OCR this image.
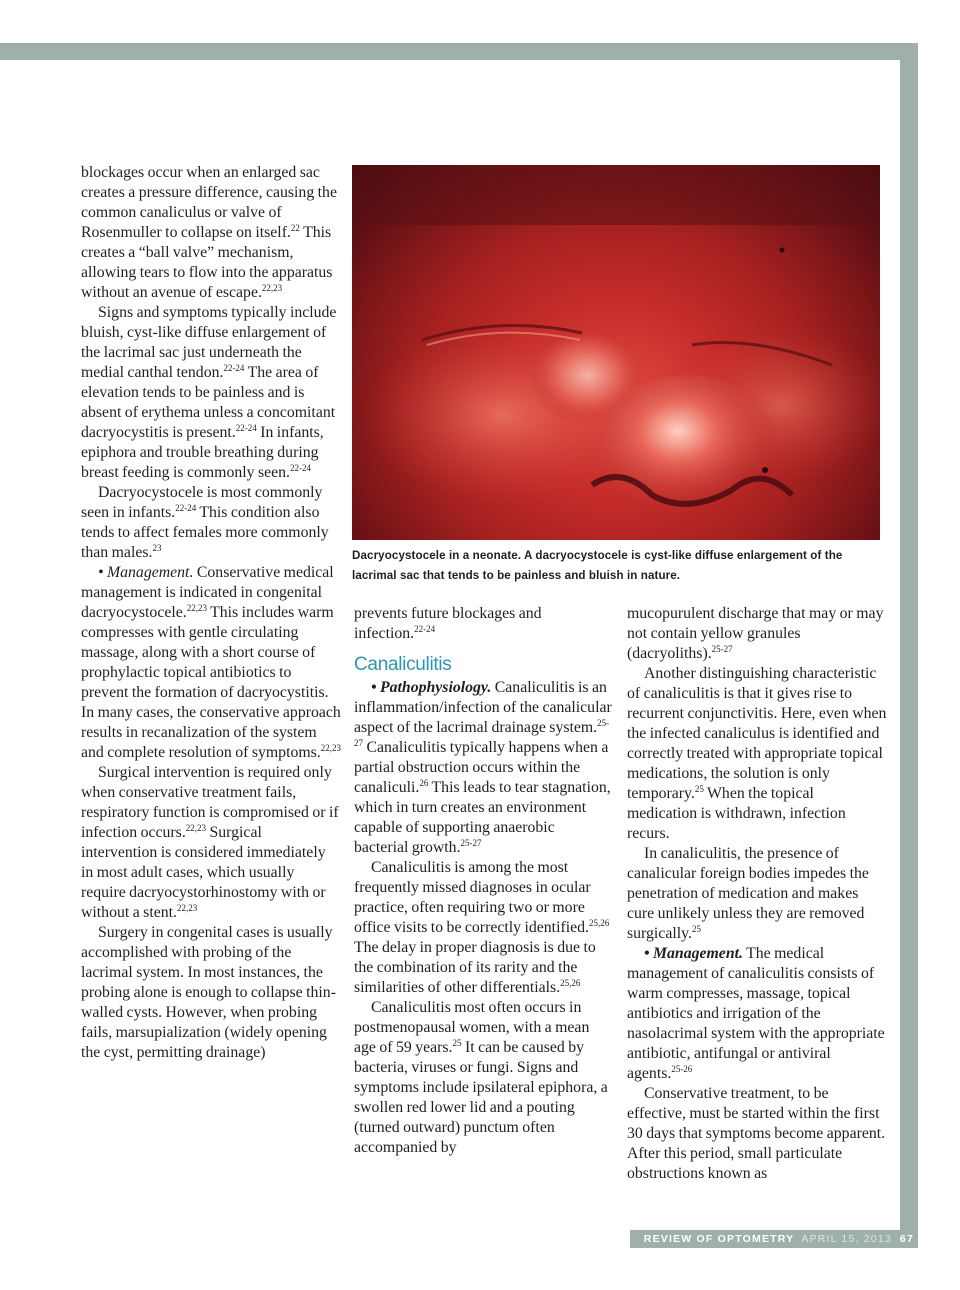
blockages occur when an enlarged sac creates a pressure difference, causing the common canaliculus or valve of Rosenmuller to collapse on itself.$^{22}$ This creates a “ball valve” mechanism, allowing tears to flow into the apparatus without an avenue of escape.$^{22,23}$

Signs and symptoms typically include bluish, cyst-like diffuse enlargement of the lacrimal sac just underneath the medial canthal tendon.$^{22-24}$ The area of elevation tends to be painless and is absent of erythema unless a concomitant dacryocystitis is present.$^{22-24}$ In infants, epiphora and trouble breathing during breast feeding is commonly seen.$^{22-24}$

Dacryocystocele is most commonly seen in infants.$^{22-24}$ This condition also tends to affect females more commonly than males.$^{23}$

• Management. Conservative medical management is indicated in congenital dacryocystocele.$^{22,23}$ This includes warm compresses with gentle circulating massage, along with a short course of prophylactic topical antibiotics to prevent the formation of dacryocystitis. In many cases, the conservative approach results in recanalization of the system and complete resolution of symptoms.$^{22,23}$

Surgical intervention is required only when conservative treatment fails, respiratory function is compromised or if infection occurs.$^{22,23}$ Surgical intervention is considered immediately in most adult cases, which usually require dacryocystorhinostomy with or without a stent.$^{22,23}$

Surgery in congenital cases is usually accomplished with probing of the lacrimal system. In most instances, the probing alone is enough to collapse thin-walled cysts. However, when probing fails, marsupialization (widely opening the cyst, permitting drainage)

Dacryocystocele in a neonate. A dacryocystocele is cyst-like diffuse enlargement of the lacrimal sac that tends to be painless and bluish in nature.

prevents future blockages and infection.$^{22-24}$

Canaliculitis

• Pathophysiology. Canaliculitis is an inflammation/infection of the canalicular aspect of the lacrimal drainage system.$^{25-27}$ Canaliculitis typically happens when a partial obstruction occurs within the canaliculi.$^{26}$ This leads to tear stagnation, which in turn creates an environment capable of supporting anaerobic bacterial growth.$^{25-27}$

Canaliculitis is among the most frequently missed diagnoses in ocular practice, often requiring two or more office visits to be correctly identified.$^{25,26}$ The delay in proper diagnosis is due to the combination of its rarity and the similarities of other differentials.$^{25,26}$

Canaliculitis most often occurs in postmenopausal women, with a mean age of 59 years.$^{25}$ It can be caused by bacteria, viruses or fungi. Signs and symptoms include ipsilateral epiphora, a swollen red lower lid and a pouting (turned outward) punctum often accompanied by

mucopurulent discharge that may or may not contain yellow granules (dacryoliths).$^{25-27}$

Another distinguishing characteristic of canaliculitis is that it gives rise to recurrent conjunctivitis. Here, even when the infected canaliculus is identified and correctly treated with appropriate topical medications, the solution is only temporary.$^{25}$ When the topical medication is withdrawn, infection recurs.

In canaliculitis, the presence of canalicular foreign bodies impedes the penetration of medication and makes cure unlikely unless they are removed surgically.$^{25}$

• Management. The medical management of canaliculitis consists of warm compresses, massage, topical antibiotics and irrigation of the nasolacrimal system with the appropriate antibiotic, antifungal or antiviral agents.$^{25-26}$

Conservative treatment, to be effective, must be started within the first 30 days that symptoms become apparent. After this period, small particulate obstructions known as

REVIEW OF OPTOMETRY APRIL 15, 2013 67
